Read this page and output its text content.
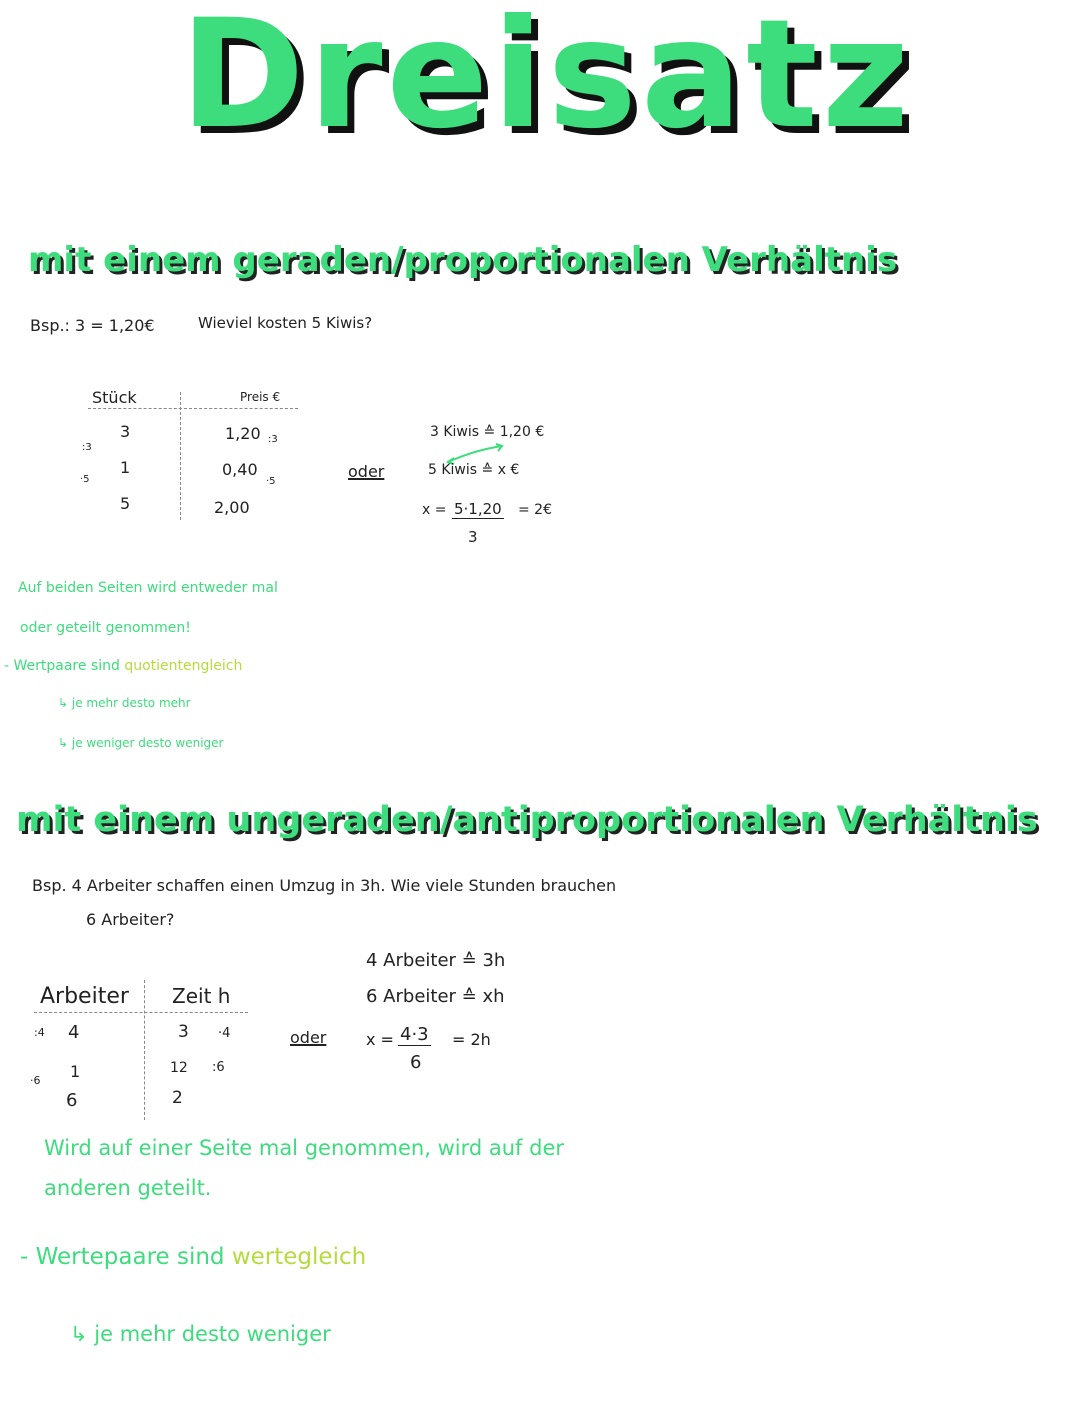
Dreisatz
mit einem geraden/proportionalen Verhältnis
Bsp.: 3 = 1,20€	Wieviel kosten 5 Kiwis?
Stück	Preis €
3
1
5
:3
·5
1,20
0,40
2,00
:3
·5
oder
3 Kiwis ≙ 1,20 €
5 Kiwis ≙ x €
x = 5·1,20
3
= 2€
Auf beiden Seiten wird entweder mal
oder geteilt genommen!
- Wertpaare sind quotientengleich
↳ je mehr desto mehr
↳ je weniger desto weniger
mit einem ungeraden/antiproportionalen Verhältnis
Bsp. 4 Arbeiter schaffen einen Umzug in 3h. Wie viele Stunden brauchen
6 Arbeiter?
Arbeiter Zeit h
4
1
6
:4
·6
3
12
2
·4
:6
oder
4 Arbeiter ≙ 3h
6 Arbeiter ≙ xh
x = 4·3
6
= 2h
Wird auf einer Seite mal genommen, wird auf der
anderen geteilt.
- Wertepaare sind wertegleich
↳ je mehr desto weniger
